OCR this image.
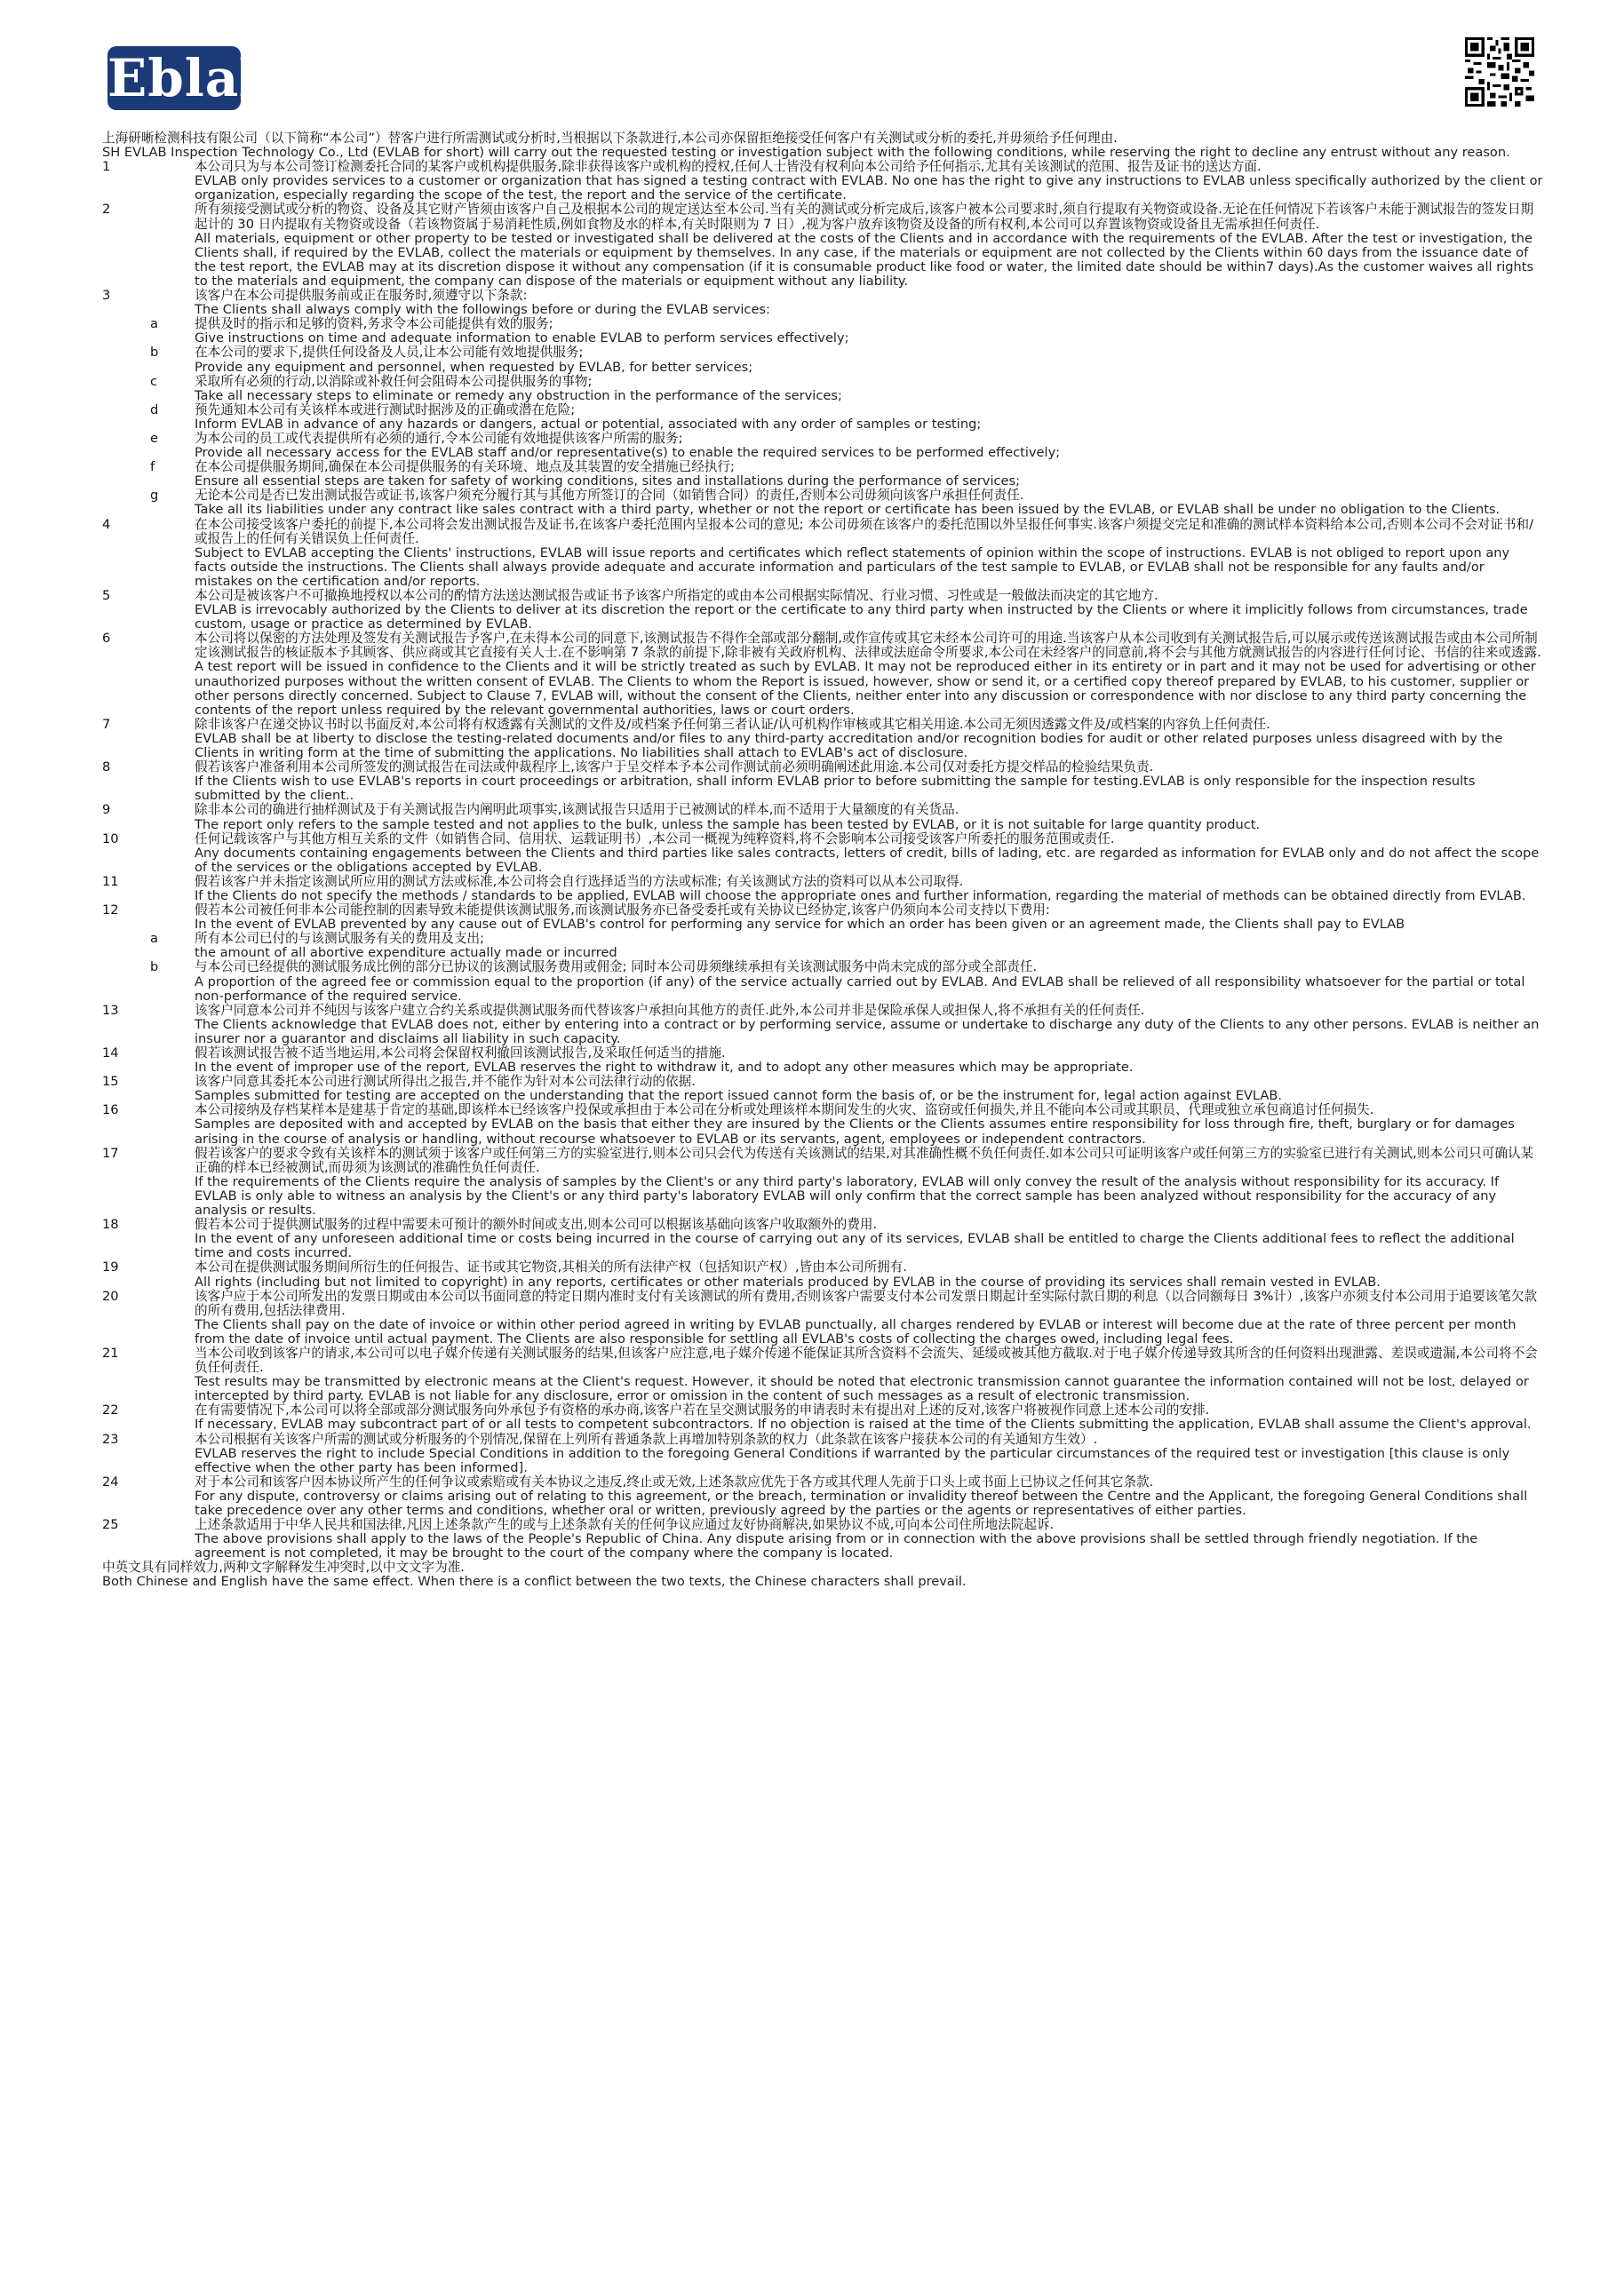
Eblab

上海研晰检测科技有限公司（以下简称“本公司”）替客户进行所需测试或分析时,当根据以下条款进行,本公司亦保留拒绝接受任何客户有关测试或分析的委托,并毋须给予任何理由.

SH EVLAB Inspection Technology Co., Ltd (EVLAB for short) will carry out the requested testing or investigation subject with the following conditions, while reserving the right to decline any entrust without any reason.

1	本公司只为与本公司签订检测委托合同的某客户或机构提供服务,除非获得该客户或机构的授权,任何人士皆没有权利向本公司给予任何指示,尤其有关该测试的范围、报告及证书的送达方面.

EVLAB only provides services to a customer or organization that has signed a testing contract with EVLAB. No one has the right to give any instructions to EVLAB unless specifically authorized by the client or organization, especially regarding the scope of the test, the report and the service of the certificate.

2	所有须接受测试或分析的物资、设备及其它财产皆须由该客户自己及根据本公司的规定送达至本公司.当有关的测试或分析完成后,该客户被本公司要求时,须自行提取有关物资或设备.无论在任何情况下若该客户未能于测试报告的签发日期起计的 30 日内提取有关物资或设备（若该物资属于易消耗性质,例如食物及水的样本,有关时限则为 7 日）,视为客户放弃该物资及设备的所有权利,本公司可以弃置该物资或设备且无需承担任何责任.

All materials, equipment or other property to be tested or investigated shall be delivered at the costs of the Clients and in accordance with the requirements of the EVLAB. After the test or investigation, the Clients shall, if required by the EVLAB, collect the materials or equipment by themselves. In any case, if the materials or equipment are not collected by the Clients within 60 days from the issuance date of the test report, the EVLAB may at its discretion dispose it without any compensation (if it is consumable product like food or water, the limited date should be within7 days).As the customer waives all rights to the materials and equipment, the company can dispose of the materials or equipment without any liability.

3	该客户在本公司提供服务前或正在服务时,须遵守以下条款:

The Clients shall always comply with the followings before or during the EVLAB services:

a	提供及时的指示和足够的资料,务求令本公司能提供有效的服务;

Give instructions on time and adequate information to enable EVLAB to perform services effectively;

b	在本公司的要求下,提供任何设备及人员,让本公司能有效地提供服务;

Provide any equipment and personnel, when requested by EVLAB, for better services;

c	采取所有必须的行动,以消除或补救任何会阻碍本公司提供服务的事物;

Take all necessary steps to eliminate or remedy any obstruction in the performance of the services;

d	预先通知本公司有关该样本或进行测试时据涉及的正确或潜在危险;

Inform EVLAB in advance of any hazards or dangers, actual or potential, associated with any order of samples or testing;

e	为本公司的员工或代表提供所有必须的通行,令本公司能有效地提供该客户所需的服务;

Provide all necessary access for the EVLAB staff and/or representative(s) to enable the required services to be performed effectively;

f	在本公司提供服务期间,确保在本公司提供服务的有关环境、地点及其装置的安全措施已经执行;

Ensure all essential steps are taken for safety of working conditions, sites and installations during the performance of services;

g	无论本公司是否已发出测试报告或证书,该客户须充分履行其与其他方所签订的合同（如销售合同）的责任,否则本公司毋须向该客户承担任何责任.

Take all its liabilities under any contract like sales contract with a third party, whether or not the report or certificate has been issued by the EVLAB, or EVLAB shall be under no obligation to the Clients.

4	在本公司接受该客户委托的前提下,本公司将会发出测试报告及证书,在该客户委托范围内呈报本公司的意见; 本公司毋须在该客户的委托范围以外呈报任何事实.该客户须提交完足和准确的测试样本资料给本公司,否则本公司不会对证书和/或报告上的任何有关错误负上任何责任.

Subject to EVLAB accepting the Clients' instructions, EVLAB will issue reports and certificates which reflect statements of opinion within the scope of instructions. EVLAB is not obliged to report upon any facts outside the instructions. The Clients shall always provide adequate and accurate information and particulars of the test sample to EVLAB, or EVLAB shall not be responsible for any faults and/or mistakes on the certification and/or reports.

5	本公司是被该客户不可撤换地授权以本公司的酌情方法送达测试报告或证书予该客户所指定的或由本公司根据实际情况、行业习惯、习性或是一般做法而决定的其它地方.

EVLAB is irrevocably authorized by the Clients to deliver at its discretion the report or the certificate to any third party when instructed by the Clients or where it implicitly follows from circumstances, trade custom, usage or practice as determined by EVLAB.

6	本公司将以保密的方法处理及签发有关测试报告予客户,在未得本公司的同意下,该测试报告不得作全部或部分翻制,或作宣传或其它未经本公司许可的用途.当该客户从本公司收到有关测试报告后,可以展示或传送该测试报告或由本公司所制定该测试报告的核证版本予其顾客、供应商或其它直接有关人士.在不影响第 7 条款的前提下,除非被有关政府机构、法律或法庭命令所要求,本公司在未经客户的同意前,将不会与其他方就测试报告的内容进行任何讨论、书信的往来或透露.

A test report will be issued in confidence to the Clients and it will be strictly treated as such by EVLAB. It may not be reproduced either in its entirety or in part and it may not be used for advertising or other unauthorized purposes without the written consent of EVLAB. The Clients to whom the Report is issued, however, show or send it, or a certified copy thereof prepared by EVLAB, to his customer, supplier or other persons directly concerned. Subject to Clause 7, EVLAB will, without the consent of the Clients, neither enter into any discussion or correspondence with nor disclose to any third party concerning the contents of the report unless required by the relevant governmental authorities, laws or court orders.

7	除非该客户在递交协议书时以书面反对,本公司将有权透露有关测试的文件及/或档案予任何第三者认证/认可机构作审核或其它相关用途.本公司无须因透露文件及/或档案的内容负上任何责任.

EVLAB shall be at liberty to disclose the testing-related documents and/or files to any third-party accreditation and/or recognition bodies for audit or other related purposes unless disagreed with by the Clients in writing form at the time of submitting the applications. No liabilities shall attach to EVLAB's act of disclosure.

8	假若该客户准备利用本公司所签发的测试报告在司法或仲裁程序上,该客户于呈交样本予本公司作测试前必须明确阐述此用途.本公司仅对委托方提交样品的检验结果负责.

If the Clients wish to use EVLAB's reports in court proceedings or arbitration, shall inform EVLAB prior to before submitting the sample for testing.EVLAB is only responsible for the inspection results submitted by the client..

9	除非本公司的确进行抽样测试及于有关测试报告内阐明此项事实,该测试报告只适用于已被测试的样本,而不适用于大量额度的有关货品.

The report only refers to the sample tested and not applies to the bulk, unless the sample has been tested by EVLAB, or it is not suitable for large quantity product.

10	任何记载该客户与其他方相互关系的文件（如销售合同、信用状、运载证明书）,本公司一概视为纯粹资料,将不会影响本公司接受该客户所委托的服务范围或责任.

Any documents containing engagements between the Clients and third parties like sales contracts, letters of credit, bills of lading, etc. are regarded as information for EVLAB only and do not affect the scope of the services or the obligations accepted by EVLAB.

11	假若该客户并未指定该测试所应用的测试方法或标准,本公司将会自行选择适当的方法或标准; 有关该测试方法的资料可以从本公司取得.

If the Clients do not specify the methods / standards to be applied, EVLAB will choose the appropriate ones and further information, regarding the material of methods can be obtained directly from EVLAB.

12	假若本公司被任何非本公司能控制的因素导致未能提供该测试服务,而该测试服务亦已备受委托或有关协议已经协定,该客户仍须向本公司支持以下费用:

In the event of EVLAB prevented by any cause out of EVLAB's control for performing any service for which an order has been given or an agreement made, the Clients shall pay to EVLAB

a	所有本公司已付的与该测试服务有关的费用及支出;

the amount of all abortive expenditure actually made or incurred

b	与本公司已经提供的测试服务成比例的部分已协议的该测试服务费用或佣金; 同时本公司毋须继续承担有关该测试服务中尚未完成的部分或全部责任.

A proportion of the agreed fee or commission equal to the proportion (if any) of the service actually carried out by EVLAB. And EVLAB shall be relieved of all responsibility whatsoever for the partial or total non-performance of the required service.

13	该客户同意本公司并不纯因与该客户建立合约关系或提供测试服务而代替该客户承担向其他方的责任.此外,本公司并非是保险承保人或担保人,将不承担有关的任何责任.

The Clients acknowledge that EVLAB does not, either by entering into a contract or by performing service, assume or undertake to discharge any duty of the Clients to any other persons. EVLAB is neither an insurer nor a guarantor and disclaims all liability in such capacity.

14	假若该测试报告被不适当地运用,本公司将会保留权利撤回该测试报告,及采取任何适当的措施.

In the event of improper use of the report, EVLAB reserves the right to withdraw it, and to adopt any other measures which may be appropriate.

15	该客户同意其委托本公司进行测试所得出之报告,并不能作为针对本公司法律行动的依据.

Samples submitted for testing are accepted on the understanding that the report issued cannot form the basis of, or be the instrument for, legal action against EVLAB.

16	本公司接纳及存档某样本是建基于肯定的基础,即该样本已经该客户投保或承担由于本公司在分析或处理该样本期间发生的火灾、盗窃或任何损失,并且不能向本公司或其职员、代理或独立承包商追讨任何损失.

Samples are deposited with and accepted by EVLAB on the basis that either they are insured by the Clients or the Clients assumes entire responsibility for loss through fire, theft, burglary or for damages arising in the course of analysis or handling, without recourse whatsoever to EVLAB or its servants, agent, employees or independent contractors.

17	假若该客户的要求令致有关该样本的测试须于该客户或任何第三方的实验室进行,则本公司只会代为传送有关该测试的结果,对其准确性概不负任何责任.如本公司只可证明该客户或任何第三方的实验室已进行有关测试,则本公司只可确认某正确的样本已经被测试,而毋须为该测试的准确性负任何责任.

If the requirements of the Clients require the analysis of samples by the Client's or any third party's laboratory, EVLAB will only convey the result of the analysis without responsibility for its accuracy. If EVLAB is only able to witness an analysis by the Client's or any third party's laboratory EVLAB will only confirm that the correct sample has been analyzed without responsibility for the accuracy of any analysis or results.

18	假若本公司于提供测试服务的过程中需要未可预计的额外时间或支出,则本公司可以根据该基础向该客户收取额外的费用.

In the event of any unforeseen additional time or costs being incurred in the course of carrying out any of its services, EVLAB shall be entitled to charge the Clients additional fees to reflect the additional time and costs incurred.

19	本公司在提供测试服务期间所衍生的任何报告、证书或其它物资,其相关的所有法律产权（包括知识产权）,皆由本公司所拥有.

All rights (including but not limited to copyright) in any reports, certificates or other materials produced by EVLAB in the course of providing its services shall remain vested in EVLAB.

20	该客户应于本公司所发出的发票日期或由本公司以书面同意的特定日期内准时支付有关该测试的所有费用,否则该客户需要支付本公司发票日期起计至实际付款日期的利息（以合同额每日 3%计）,该客户亦须支付本公司用于追要该笔欠款的所有费用,包括法律费用.

The Clients shall pay on the date of invoice or within other period agreed in writing by EVLAB punctually, all charges rendered by EVLAB or interest will become due at the rate of three percent per month from the date of invoice until actual payment. The Clients are also responsible for settling all EVLAB's costs of collecting the charges owed, including legal fees.

21	当本公司收到该客户的请求,本公司可以电子媒介传递有关测试服务的结果,但该客户应注意,电子媒介传递不能保证其所含资料不会流失、延缓或被其他方截取.对于电子媒介传递导致其所含的任何资料出现泄露、差误或遗漏,本公司将不会负任何责任.

Test results may be transmitted by electronic means at the Client's request. However, it should be noted that electronic transmission cannot guarantee the information contained will not be lost, delayed or intercepted by third party. EVLAB is not liable for any disclosure, error or omission in the content of such messages as a result of electronic transmission.

22	在有需要情况下,本公司可以将全部或部分测试服务向外承包予有资格的承办商,该客户若在呈交测试服务的申请表时未有提出对上述的反对,该客户将被视作同意上述本公司的安排.

If necessary, EVLAB may subcontract part of or all tests to competent subcontractors. If no objection is raised at the time of the Clients submitting the application, EVLAB shall assume the Client's approval.

23	本公司根据有关该客户所需的测试或分析服务的个别情况,保留在上列所有普通条款上再增加特别条款的权力（此条款在该客户接获本公司的有关通知方生效）.

EVLAB reserves the right to include Special Conditions in addition to the foregoing General Conditions if warranted by the particular circumstances of the required test or investigation [this clause is only effective when the other party has been informed].

24	对于本公司和该客户因本协议所产生的任何争议或索赔或有关本协议之违反,终止或无效,上述条款应优先于各方或其代理人先前于口头上或书面上已协议之任何其它条款.

For any dispute, controversy or claims arising out of relating to this agreement, or the breach, termination or invalidity thereof between the Centre and the Applicant, the foregoing General Conditions shall take precedence over any other terms and conditions, whether oral or written, previously agreed by the parties or the agents or representatives of either parties.

25	上述条款适用于中华人民共和国法律,凡因上述条款产生的或与上述条款有关的任何争议应通过友好协商解决,如果协议不成,可向本公司住所地法院起诉.

The above provisions shall apply to the laws of the People's Republic of China. Any dispute arising from or in connection with the above provisions shall be settled through friendly negotiation. If the agreement is not completed, it may be brought to the court of the company where the company is located.

中英文具有同样效力,两种文字解释发生冲突时,以中文文字为准.

Both Chinese and English have the same effect. When there is a conflict between the two texts, the Chinese characters shall prevail.
